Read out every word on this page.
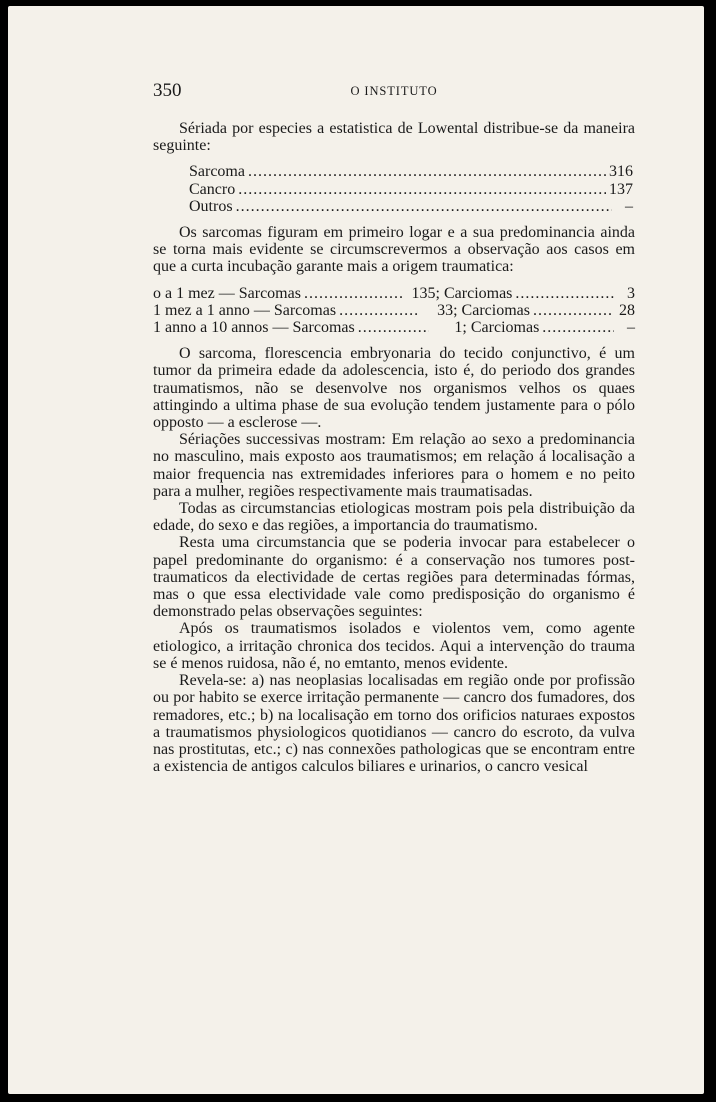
350	O INSTITUTO

Sériada por especies a estatistica de Lowental distribue-se da maneira seguinte:

Sarcoma .....	316
Cancro .....	137
Outros .....	–

Os sarcomas figuram em primeiro logar e a sua predominancia ainda se torna mais evidente se circumscrevermos a observação aos casos em que a curta incubação garante mais a origem traumatica:

o a 1 mez — Sarcomas .....	135 ; Carciomas .....	3
1 mez a 1 anno — Sarcomas .....	33 ; Carciomas .....	28
1 anno a 10 annos — Sarcomas .....	1 ; Carciomas .....	–

O sarcoma, florescencia embryonaria do tecido conjunctivo, é um tumor da primeira edade da adolescencia, isto é, do periodo dos grandes traumatismos, não se desenvolve nos organismos velhos os quaes attingindo a ultima phase de sua evolução tendem justamente para o pólo opposto — a esclerose —.

Sériações successivas mostram: Em relação ao sexo a predominancia no masculino, mais exposto aos traumatismos; em relação á localisação a maior frequencia nas extremidades inferiores para o homem e no peito para a mulher, regiões respectivamente mais traumatisadas.

Todas as circumstancias etiologicas mostram pois pela distribuição da edade, do sexo e das regiões, a importancia do traumatismo.

Resta uma circumstancia que se poderia invocar para estabelecer o papel predominante do organismo: é a conservação nos tumores post-traumaticos da electividade de certas regiões para determinadas fórmas, mas o que essa electividade vale como predisposição do organismo é demonstrado pelas observações seguintes:

Após os traumatismos isolados e violentos vem, como agente etiologico, a irritação chronica dos tecidos. Aqui a intervenção do trauma se é menos ruidosa, não é, no emtanto, menos evidente.

Revela-se: a) nas neoplasias localisadas em região onde por profissão ou por habito se exerce irritação permanente — cancro dos fumadores, dos remadores, etc.; b) na localisação em torno dos orificios naturaes expostos a traumatismos physiologicos quotidianos — cancro do escroto, da vulva nas prostitutas, etc.; c) nas connexões pathologicas que se encontram entre a existencia de antigos calculos biliares e urinarios, o cancro vesical
